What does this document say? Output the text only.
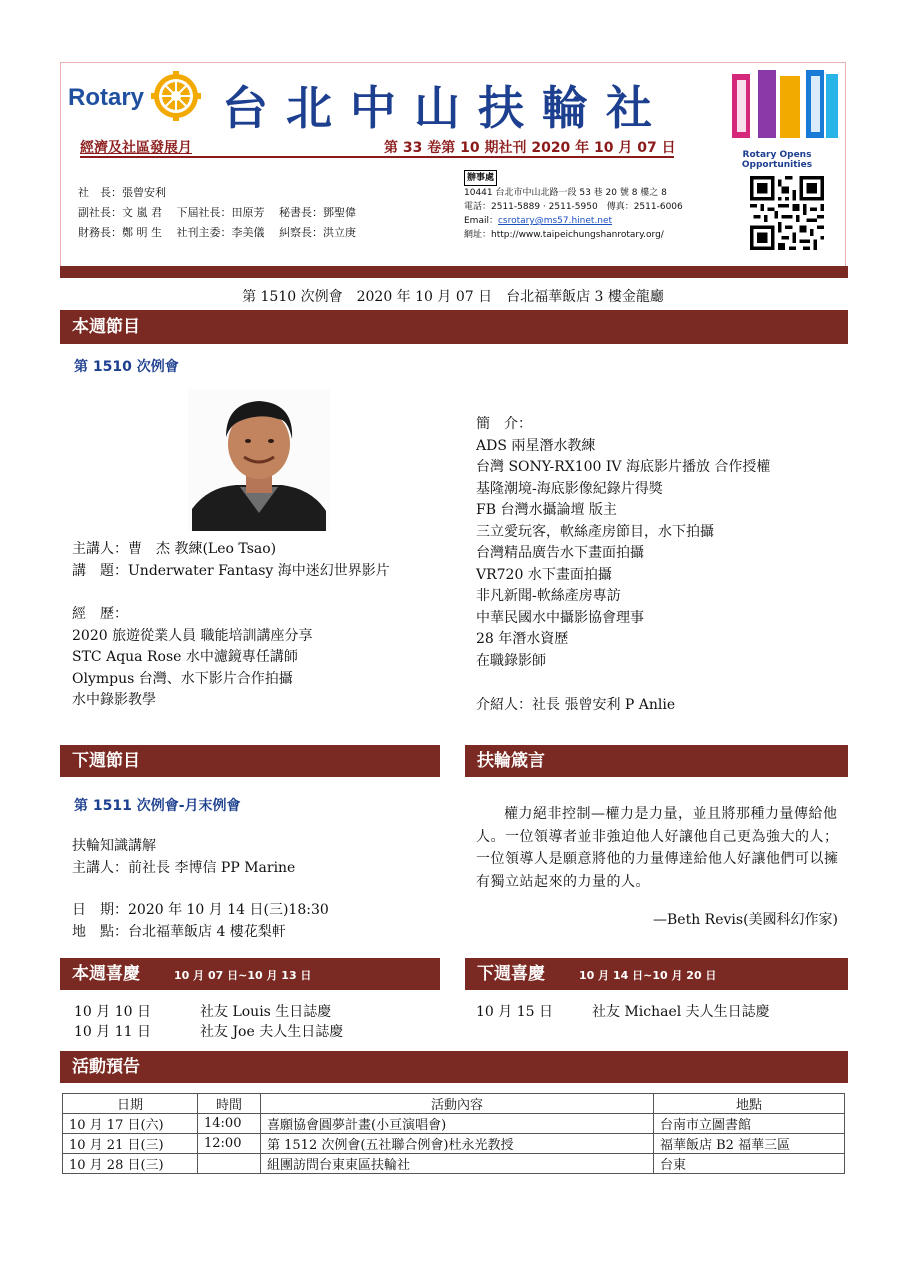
Rotary 台北中山扶輪社
Rotary Opens Opportunities
經濟及社區發展月	第 33 卷第 10 期社刊 2020 年 10 月 07 日
社　長：張曾安利
副社長：文 嵐 君　 下屆社長：田原芳　 秘書長：鄧聖偉
財務長：鄭 明 生　 社刊主委：李美儀　 糾察長：洪立庚
辦事處
10441 台北市中山北路一段 53 巷 20 號 8 樓之 8
電話：2511-5889 · 2511-5950　傳真：2511-6006
Email：csrotary@ms57.hinet.net
網址：http://www.taipeichungshanrotary.org/
第 1510 次例會　2020 年 10 月 07 日　台北福華飯店 3 樓金龍廳
本週節目
第 1510 次例會
主講人：曹　杰 教練(Leo Tsao)
講　題：Underwater Fantasy 海中迷幻世界影片
經　歷：
2020 旅遊從業人員 職能培訓講座分享
STC Aqua Rose 水中濾鏡專任講師
Olympus 台灣、水下影片合作拍攝
水中錄影教學
簡　介：
ADS 兩星潛水教練
台灣 SONY-RX100 IV 海底影片播放 合作授權
基隆潮境-海底影像紀錄片得獎
FB 台灣水攝論壇 版主
三立愛玩客，軟絲產房節目，水下拍攝
台灣精品廣告水下畫面拍攝
VR720 水下畫面拍攝
非凡新聞-軟絲產房專訪
中華民國水中攝影協會理事
28 年潛水資歷
在職錄影師
介紹人：社長 張曾安利 P Anlie
下週節目	扶輪箴言
第 1511 次例會-月末例會
扶輪知識講解
主講人：前社長 李博信 PP Marine
日　期：2020 年 10 月 14 日(三)18:30
地　點：台北福華飯店 4 樓花梨軒
權力絕非控制—權力是力量，並且將那種力量傳給他人。一位領導者並非強迫他人好讓他自己更為強大的人；一位領導人是願意將他的力量傳達給他人好讓他們可以擁有獨立站起來的力量的人。
—Beth Revis(美國科幻作家)
本週喜慶	10 月 07 日~10 月 13 日	下週喜慶	10 月 14 日~10 月 20 日
10 月 10 日	社友 Louis 生日誌慶
10 月 11 日	社友 Joe 夫人生日誌慶
10 月 15 日	社友 Michael 夫人生日誌慶
活動預告
日期	時間	活動內容	地點
10 月 17 日(六)	14:00	喜願協會圓夢計畫(小亘演唱會)	台南市立圖書館
10 月 21 日(三)	12:00	第 1512 次例會(五社聯合例會)杜永光教授	福華飯店 B2 福華三區
10 月 28 日(三)		組團訪問台東東區扶輪社	台東
